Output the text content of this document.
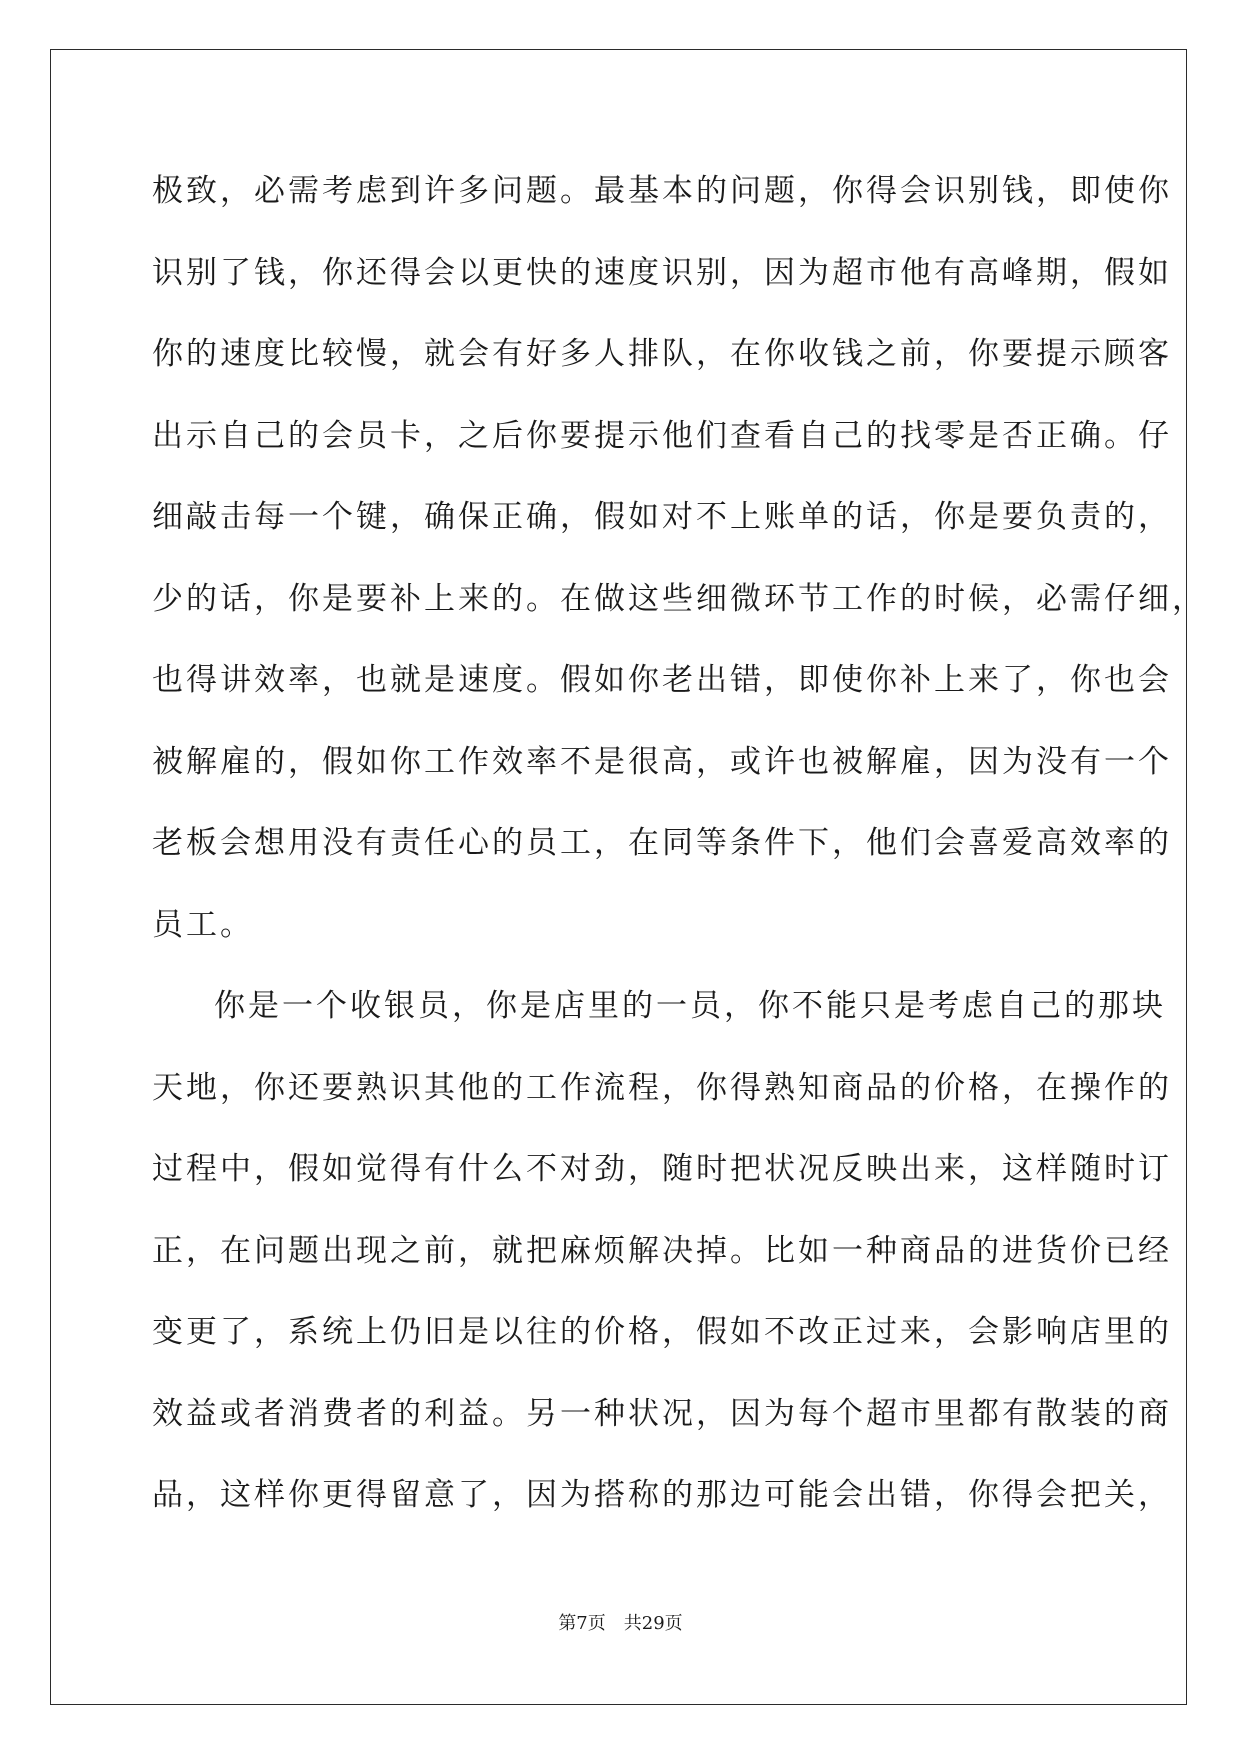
极致，必需考虑到许多问题。最基本的问题，你得会识别钱，即使你
识别了钱，你还得会以更快的速度识别，因为超市他有高峰期，假如
你的速度比较慢，就会有好多人排队，在你收钱之前，你要提示顾客
出示自己的会员卡，之后你要提示他们查看自己的找零是否正确。仔
细敲击每一个键，确保正确，假如对不上账单的话，你是要负责的，
少的话，你是要补上来的。在做这些细微环节工作的时候，必需仔细，
也得讲效率，也就是速度。假如你老出错，即使你补上来了，你也会
被解雇的，假如你工作效率不是很高，或许也被解雇，因为没有一个
老板会想用没有责任心的员工，在同等条件下，他们会喜爱高效率的
员工。
你是一个收银员，你是店里的一员，你不能只是考虑自己的那块
天地，你还要熟识其他的工作流程，你得熟知商品的价格，在操作的
过程中，假如觉得有什么不对劲，随时把状况反映出来，这样随时订
正，在问题出现之前，就把麻烦解决掉。比如一种商品的进货价已经
变更了，系统上仍旧是以往的价格，假如不改正过来，会影响店里的
效益或者消费者的利益。另一种状况，因为每个超市里都有散装的商
品，这样你更得留意了，因为搭称的那边可能会出错，你得会把关，
第7页 共29页
